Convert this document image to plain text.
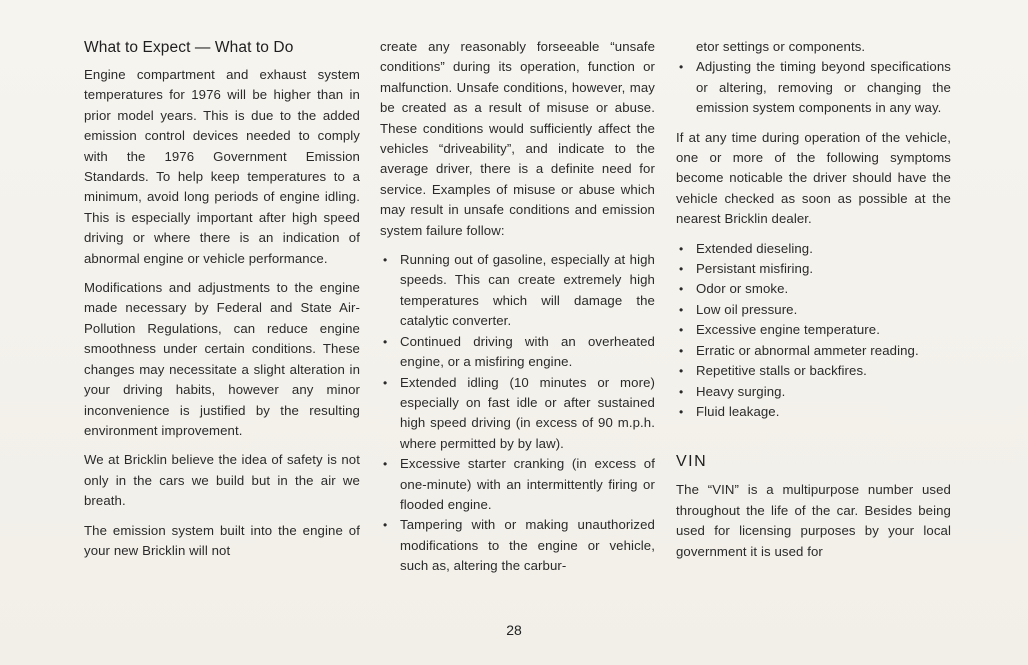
What to Expect — What to Do

Engine compartment and exhaust system temperatures for 1976 will be higher than in prior model years. This is due to the added emission control devices needed to comply with the 1976 Government Emission Standards. To help keep temperatures to a minimum, avoid long periods of engine idling. This is especially important after high speed driving or where there is an indication of abnormal engine or vehicle performance.

Modifications and adjustments to the engine made necessary by Federal and State Air-Pollution Regulations, can reduce engine smoothness under certain conditions. These changes may necessitate a slight alteration in your driving habits, however any minor inconvenience is justified by the resulting environment improvement.

We at Bricklin believe the idea of safety is not only in the cars we build but in the air we breath.

The emission system built into the engine of your new Bricklin will not

create any reasonably forseeable “unsafe conditions” during its operation, function or malfunction. Unsafe conditions, however, may be created as a result of misuse or abuse. These conditions would sufficiently affect the vehicles “driveability”, and indicate to the average driver, there is a definite need for service. Examples of misuse or abuse which may result in unsafe conditions and emission system failure follow:

• Running out of gasoline, especially at high speeds. This can create extremely high temperatures which will damage the catalytic converter.
• Continued driving with an overheated engine, or a misfiring engine.
• Extended idling (10 minutes or more) especially on fast idle or after sustained high speed driving (in excess of 90 m.p.h. where permitted by by law).
• Excessive starter cranking (in excess of one-minute) with an intermittently firing or flooded engine.
• Tampering with or making unauthorized modifications to the engine or vehicle, such as, altering the carbur-

etor settings or components.

• Adjusting the timing beyond specifications or altering, removing or changing the emission system components in any way.

If at any time during operation of the vehicle, one or more of the following symptoms become noticable the driver should have the vehicle checked as soon as possible at the nearest Bricklin dealer.

• Extended dieseling.
• Persistant misfiring.
• Odor or smoke.
• Low oil pressure.
• Excessive engine temperature.
• Erratic or abnormal ammeter reading.
• Repetitive stalls or backfires.
• Heavy surging.
• Fluid leakage.
VIN

The “VIN” is a multipurpose number used throughout the life of the car. Besides being used for licensing purposes by your local government it is used for

28
